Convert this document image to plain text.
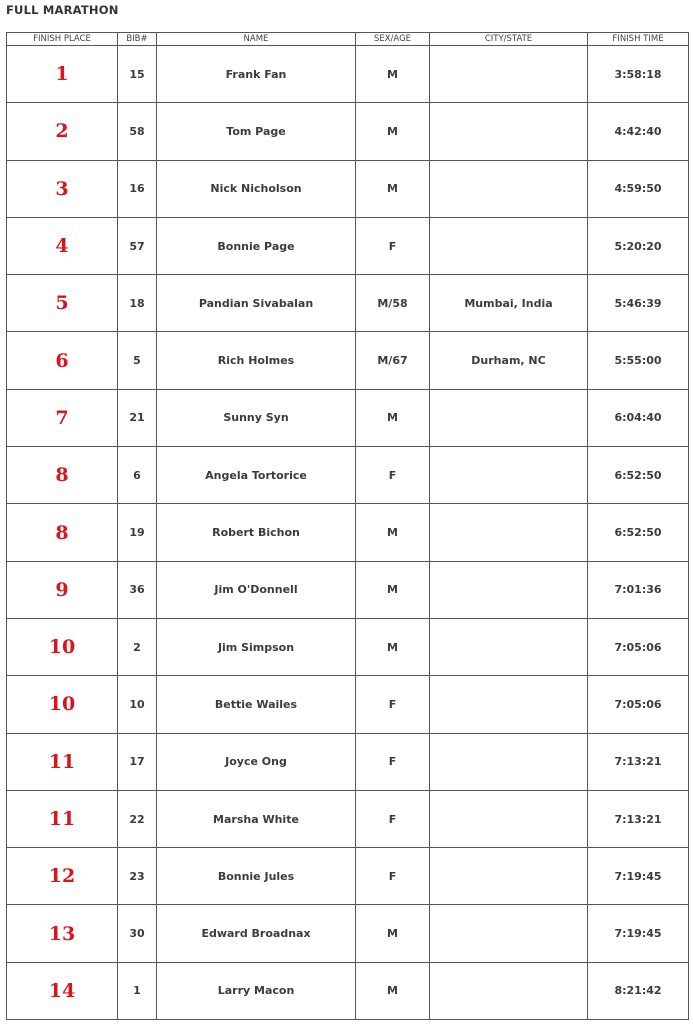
FULL MARATHON
FINISH PLACE	BIB#	NAME	SEX/AGE	CITY/STATE	FINISH TIME
1	15	Frank Fan	M		3:58:18
2	58	Tom Page	M		4:42:40
3	16	Nick Nicholson	M		4:59:50
4	57	Bonnie Page	F		5:20:20
5	18	Pandian Sivabalan	M/58	Mumbai, India	5:46:39
6	5	Rich Holmes	M/67	Durham, NC	5:55:00
7	21	Sunny Syn	M		6:04:40
8	6	Angela Tortorice	F		6:52:50
8	19	Robert Bichon	M		6:52:50
9	36	Jim O'Donnell	M		7:01:36
10	2	Jim Simpson	M		7:05:06
10	10	Bettie Wailes	F		7:05:06
11	17	Joyce Ong	F		7:13:21
11	22	Marsha White	F		7:13:21
12	23	Bonnie Jules	F		7:19:45
13	30	Edward Broadnax	M		7:19:45
14	1	Larry Macon	M		8:21:42
